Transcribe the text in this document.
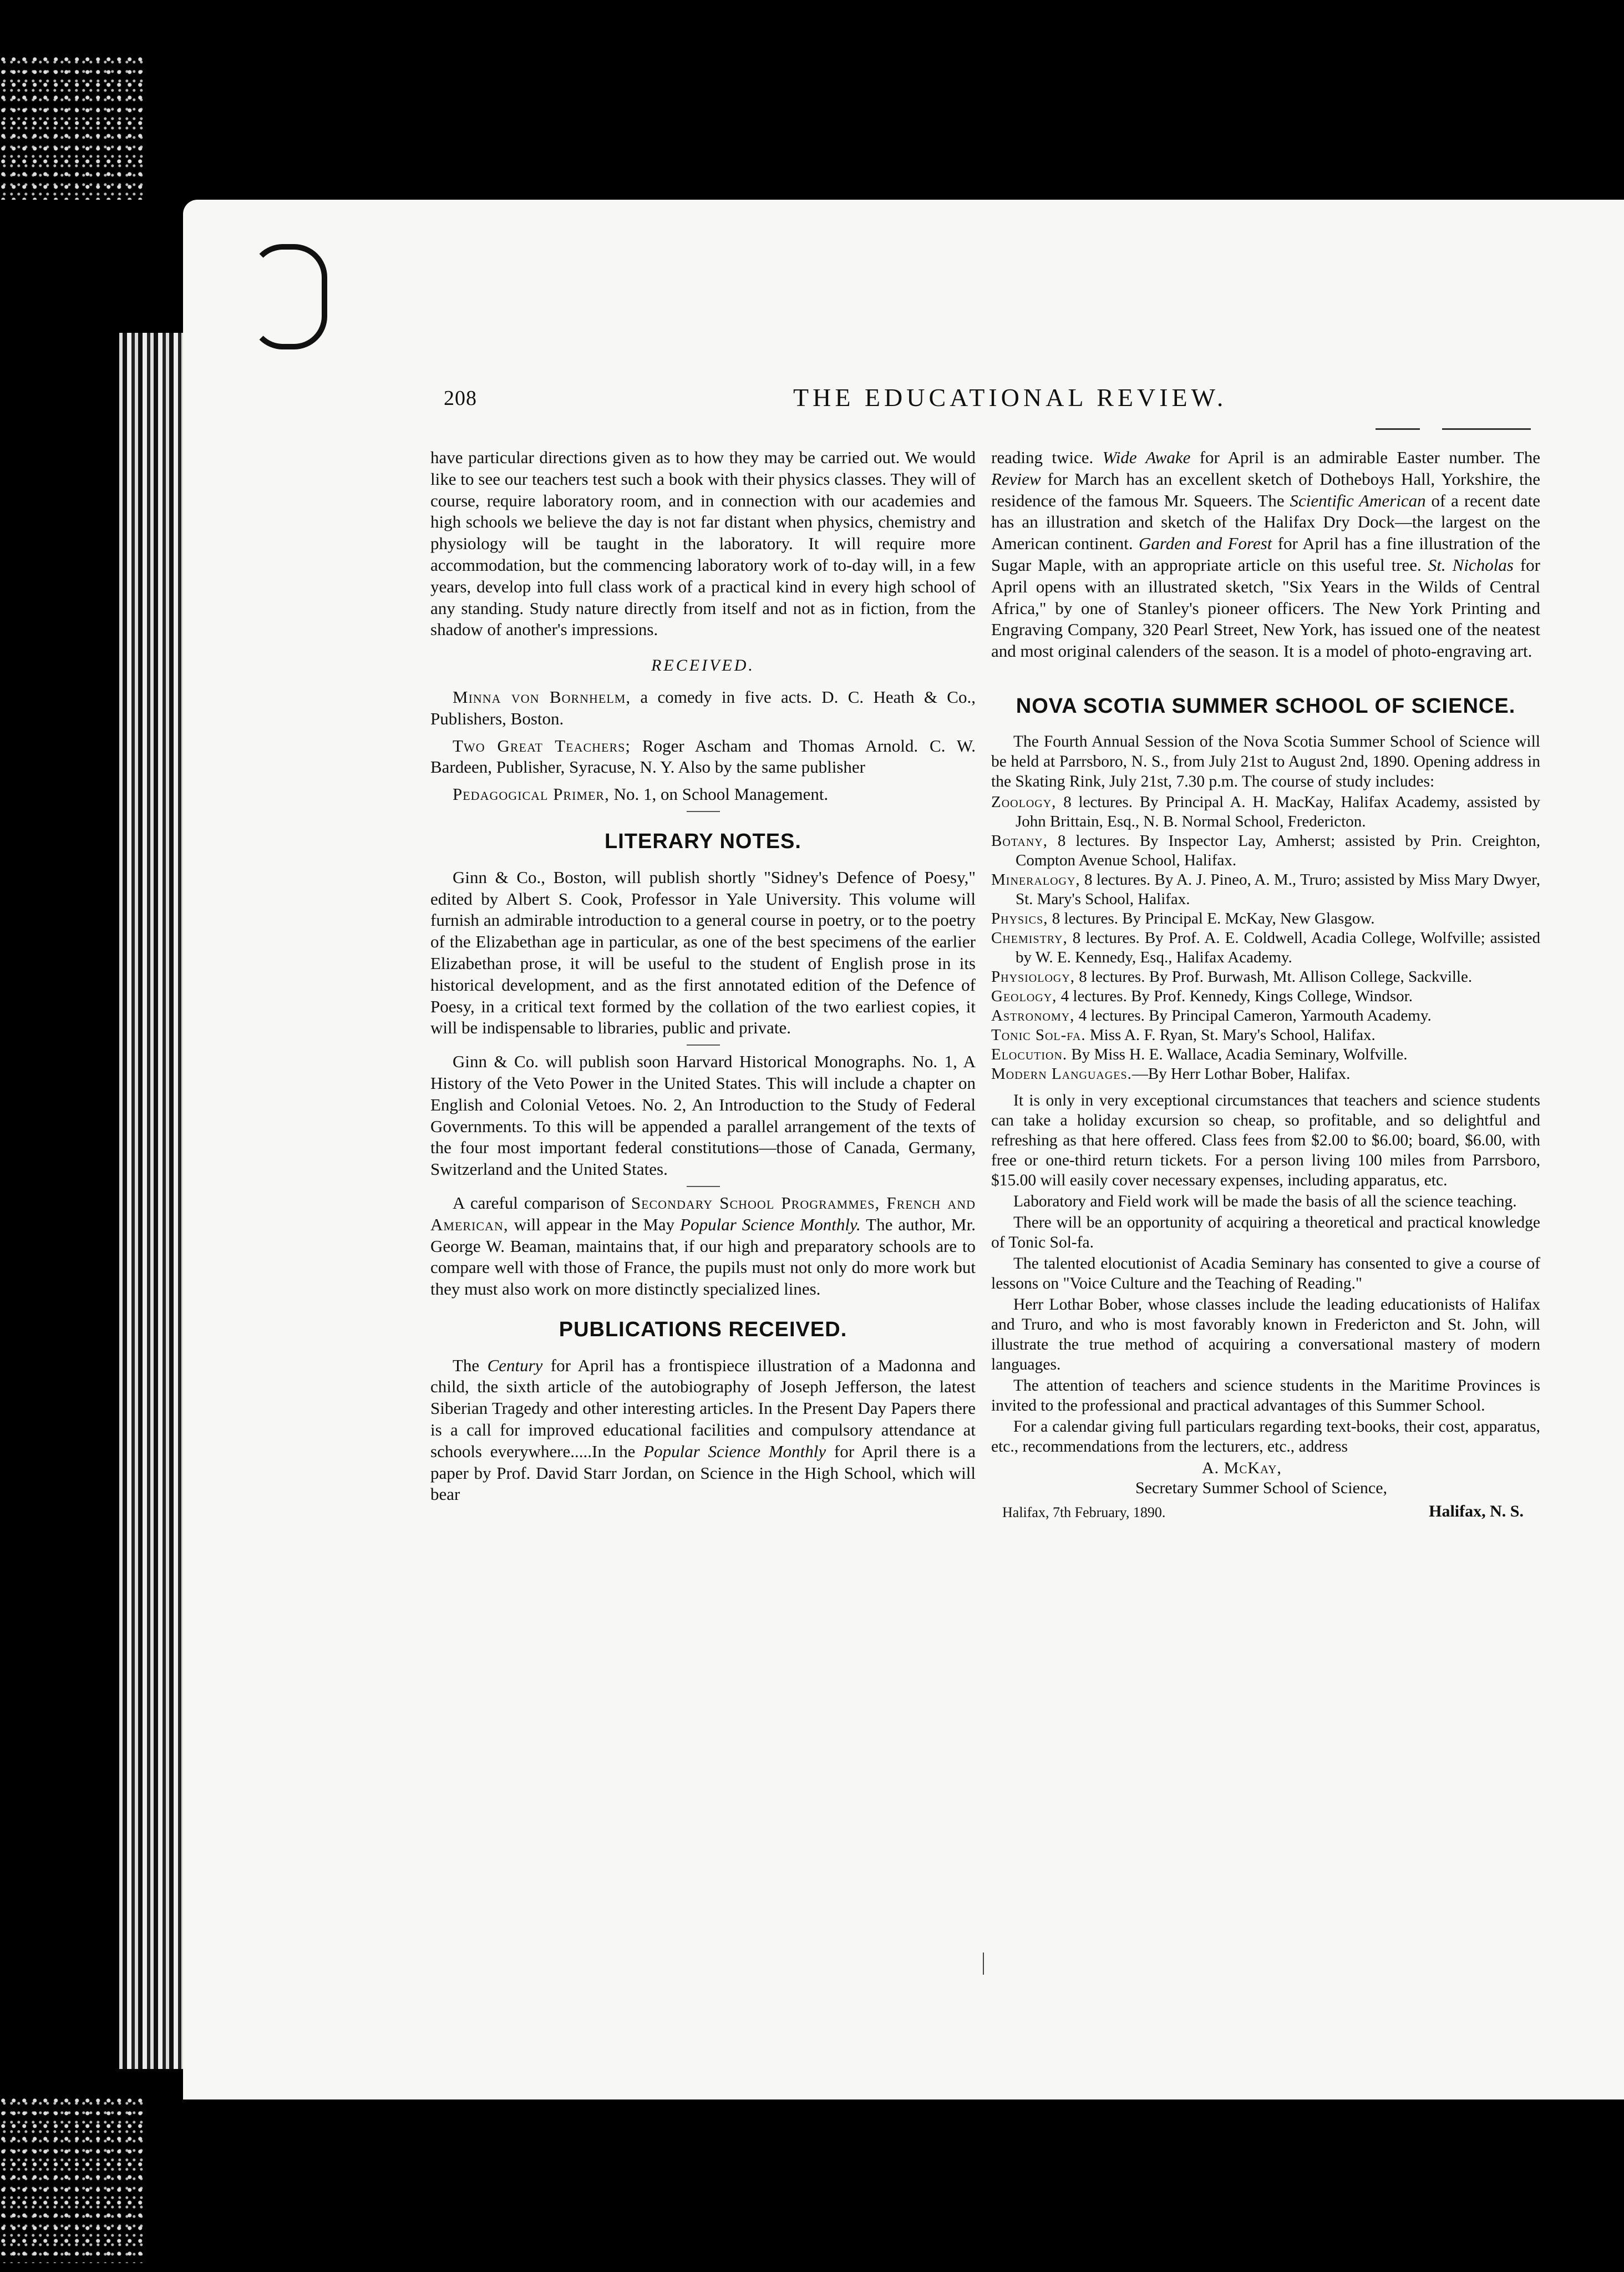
208	THE EDUCATIONAL REVIEW.

have particular directions given as to how they may be carried out. We would like to see our teachers test such a book with their physics classes. They will of course, require laboratory room, and in connection with our academies and high schools we believe the day is not far distant when physics, chemistry and physiology will be taught in the laboratory. It will require more accommodation, but the commencing laboratory work of to-day will, in a few years, develop into full class work of a practical kind in every high school of any standing. Study nature directly from itself and not as in fiction, from the shadow of another's impressions.

RECEIVED.

Minna von Bornhelm, a comedy in five acts. D. C. Heath & Co., Publishers, Boston.

Two Great Teachers; Roger Ascham and Thomas Arnold. C. W. Bardeen, Publisher, Syracuse, N. Y. Also by the same publisher

Pedagogical Primer, No. 1, on School Management.

LITERARY NOTES.

Ginn & Co., Boston, will publish shortly "Sidney's Defence of Poesy," edited by Albert S. Cook, Professor in Yale University. This volume will furnish an admirable introduction to a general course in poetry, or to the poetry of the Elizabethan age in particular, as one of the best specimens of the earlier Elizabethan prose, it will be useful to the student of English prose in its historical development, and as the first annotated edition of the Defence of Poesy, in a critical text formed by the collation of the two earliest copies, it will be indispensable to libraries, public and private.

Ginn & Co. will publish soon Harvard Historical Monographs. No. 1, A History of the Veto Power in the United States. This will include a chapter on English and Colonial Vetoes. No. 2, An Introduction to the Study of Federal Governments. To this will be appended a parallel arrangement of the texts of the four most important federal constitutions—those of Canada, Germany, Switzerland and the United States.

A careful comparison of Secondary School Programmes, French and American, will appear in the May Popular Science Monthly. The author, Mr. George W. Beaman, maintains that, if our high and preparatory schools are to compare well with those of France, the pupils must not only do more work but they must also work on more distinctly specialized lines.

PUBLICATIONS RECEIVED.

The Century for April has a frontispiece illustration of a Madonna and child, the sixth article of the autobiography of Joseph Jefferson, the latest Siberian Tragedy and other interesting articles. In the Present Day Papers there is a call for improved educational facilities and compulsory attendance at schools everywhere.....In the Popular Science Monthly for April there is a paper by Prof. David Starr Jordan, on Science in the High School, which will bear

reading twice. Wide Awake for April is an admirable Easter number. The Review for March has an excellent sketch of Dotheboys Hall, Yorkshire, the residence of the famous Mr. Squeers. The Scientific American of a recent date has an illustration and sketch of the Halifax Dry Dock—the largest on the American continent. Garden and Forest for April has a fine illustration of the Sugar Maple, with an appropriate article on this useful tree. St. Nicholas for April opens with an illustrated sketch, "Six Years in the Wilds of Central Africa," by one of Stanley's pioneer officers. The New York Printing and Engraving Company, 320 Pearl Street, New York, has issued one of the neatest and most original calenders of the season. It is a model of photo-engraving art.

NOVA SCOTIA SUMMER SCHOOL OF SCIENCE.

The Fourth Annual Session of the Nova Scotia Summer School of Science will be held at Parrsboro, N. S., from July 21st to August 2nd, 1890. Opening address in the Skating Rink, July 21st, 7.30 p.m. The course of study includes:

Zoology, 8 lectures. By Principal A. H. MacKay, Halifax Academy, assisted by John Brittain, Esq., N. B. Normal School, Fredericton.

Botany, 8 lectures. By Inspector Lay, Amherst; assisted by Prin. Creighton, Compton Avenue School, Halifax.

Mineralogy, 8 lectures. By A. J. Pineo, A. M., Truro; assisted by Miss Mary Dwyer, St. Mary's School, Halifax.

Physics, 8 lectures. By Principal E. McKay, New Glasgow.

Chemistry, 8 lectures. By Prof. A. E. Coldwell, Acadia College, Wolfville; assisted by W. E. Kennedy, Esq., Halifax Academy.

Physiology, 8 lectures. By Prof. Burwash, Mt. Allison College, Sackville.

Geology, 4 lectures. By Prof. Kennedy, Kings College, Windsor.

Astronomy, 4 lectures. By Principal Cameron, Yarmouth Academy.

Tonic Sol-fa. Miss A. F. Ryan, St. Mary's School, Halifax.

Elocution. By Miss H. E. Wallace, Acadia Seminary, Wolfville.

Modern Languages.—By Herr Lothar Bober, Halifax.

It is only in very exceptional circumstances that teachers and science students can take a holiday excursion so cheap, so profitable, and so delightful and refreshing as that here offered. Class fees from $2.00 to $6.00; board, $6.00, with free or one-third return tickets. For a person living 100 miles from Parrsboro, $15.00 will easily cover necessary expenses, including apparatus, etc.

Laboratory and Field work will be made the basis of all the science teaching.

There will be an opportunity of acquiring a theoretical and practical knowledge of Tonic Sol-fa.

The talented elocutionist of Acadia Seminary has consented to give a course of lessons on "Voice Culture and the Teaching of Reading."

Herr Lothar Bober, whose classes include the leading educationists of Halifax and Truro, and who is most favorably known in Fredericton and St. John, will illustrate the true method of acquiring a conversational mastery of modern languages.

The attention of teachers and science students in the Maritime Provinces is invited to the professional and practical advantages of this Summer School.

For a calendar giving full particulars regarding text-books, their cost, apparatus, etc., recommendations from the lecturers, etc., address

A. McKay,
Secretary Summer School of Science,
Halifax, 7th February, 1890.	Halifax, N. S.
